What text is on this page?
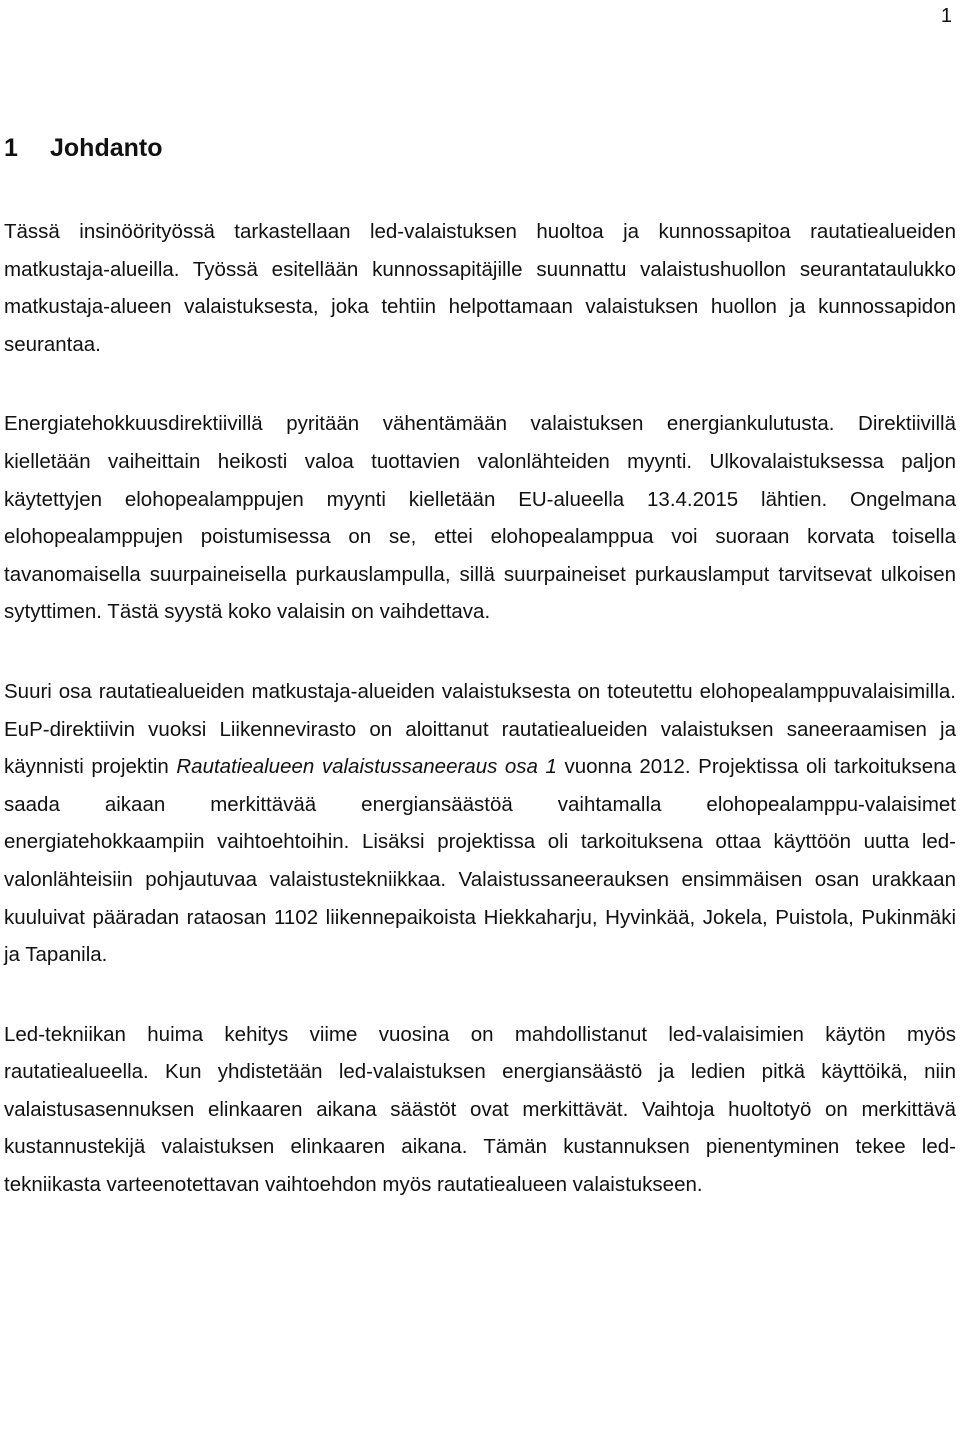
1
1 Johdanto

Tässä insinöörityössä tarkastellaan led-valaistuksen huoltoa ja kunnossapitoa rautatiealueiden matkustaja-alueilla. Työssä esitellään kunnossapitäjille suunnattu valaistushuollon seurantataulukko matkustaja-alueen valaistuksesta, joka tehtiin helpottamaan valaistuksen huollon ja kunnossapidon seurantaa.

Energiatehokkuusdirektiivillä pyritään vähentämään valaistuksen energiankulutusta. Direktiivillä kielletään vaiheittain heikosti valoa tuottavien valonlähteiden myynti. Ulkovalaistuksessa paljon käytettyjen elohopealamppujen myynti kielletään EU-alueella 13.4.2015 lähtien. Ongelmana elohopealamppujen poistumisessa on se, ettei elohopealamppua voi suoraan korvata toisella tavanomaisella suurpaineisella purkauslampulla, sillä suurpaineiset purkauslamput tarvitsevat ulkoisen sytyttimen. Tästä syystä koko valaisin on vaihdettava.

Suuri osa rautatiealueiden matkustaja-alueiden valaistuksesta on toteutettu elohopealamppuvalaisimilla. EuP-direktiivin vuoksi Liikennevirasto on aloittanut rautatiealueiden valaistuksen saneeraamisen ja käynnisti projektin Rautatiealueen valaistussaneeraus osa 1 vuonna 2012. Projektissa oli tarkoituksena saada aikaan merkittävää energiansäästöä vaihtamalla elohopealamppu-valaisimet energiatehokkaampiin vaihtoehtoihin. Lisäksi projektissa oli tarkoituksena ottaa käyttöön uutta led-valonlähteisiin pohjautuvaa valaistustekniikkaa. Valaistussaneerauksen ensimmäisen osan urakkaan kuuluivat pääradan rataosan 1102 liikennepaikoista Hiekkaharju, Hyvinkää, Jokela, Puistola, Pukinmäki ja Tapanila.

Led-tekniikan huima kehitys viime vuosina on mahdollistanut led-valaisimien käytön myös rautatiealueella. Kun yhdistetään led-valaistuksen energiansäästö ja ledien pitkä käyttöikä, niin valaistusasennuksen elinkaaren aikana säästöt ovat merkittävät. Vaihtoja huoltotyö on merkittävä kustannustekijä valaistuksen elinkaaren aikana. Tämän kustannuksen pienentyminen tekee led-tekniikasta varteenotettavan vaihtoehdon myös rautatiealueen valaistukseen.
